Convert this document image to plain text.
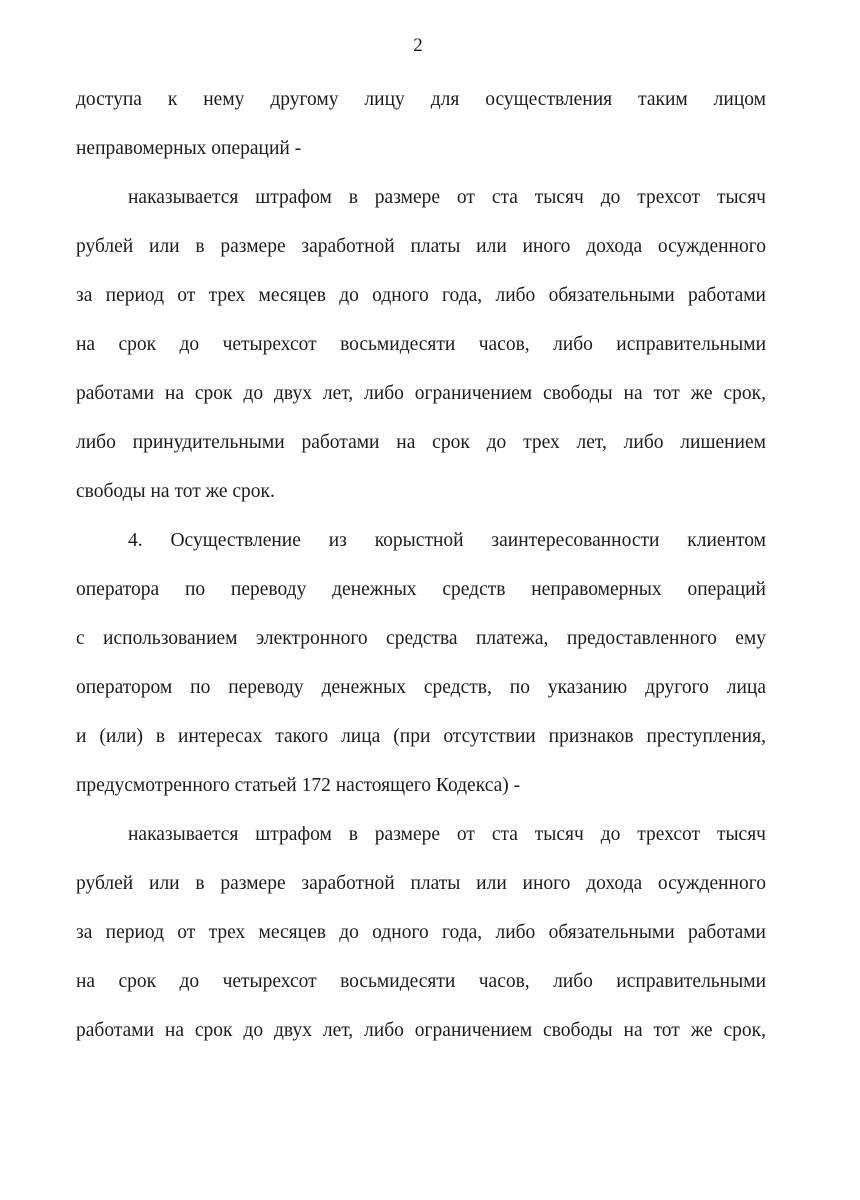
2
доступа к нему другому лицу для осуществления таким лицом
неправомерных операций -
наказывается штрафом в размере от ста тысяч до трехсот тысяч
рублей или в размере заработной платы или иного дохода осужденного
за период от трех месяцев до одного года, либо обязательными работами
на срок до четырехсот восьмидесяти часов, либо исправительными
работами на срок до двух лет, либо ограничением свободы на тот же срок,
либо принудительными работами на срок до трех лет, либо лишением
свободы на тот же срок.
4. Осуществление из корыстной заинтересованности клиентом
оператора по переводу денежных средств неправомерных операций
с использованием электронного средства платежа, предоставленного ему
оператором по переводу денежных средств, по указанию другого лица
и (или) в интересах такого лица (при отсутствии признаков преступления,
предусмотренного статьей 172 настоящего Кодекса) -
наказывается штрафом в размере от ста тысяч до трехсот тысяч
рублей или в размере заработной платы или иного дохода осужденного
за период от трех месяцев до одного года, либо обязательными работами
на срок до четырехсот восьмидесяти часов, либо исправительными
работами на срок до двух лет, либо ограничением свободы на тот же срок,
